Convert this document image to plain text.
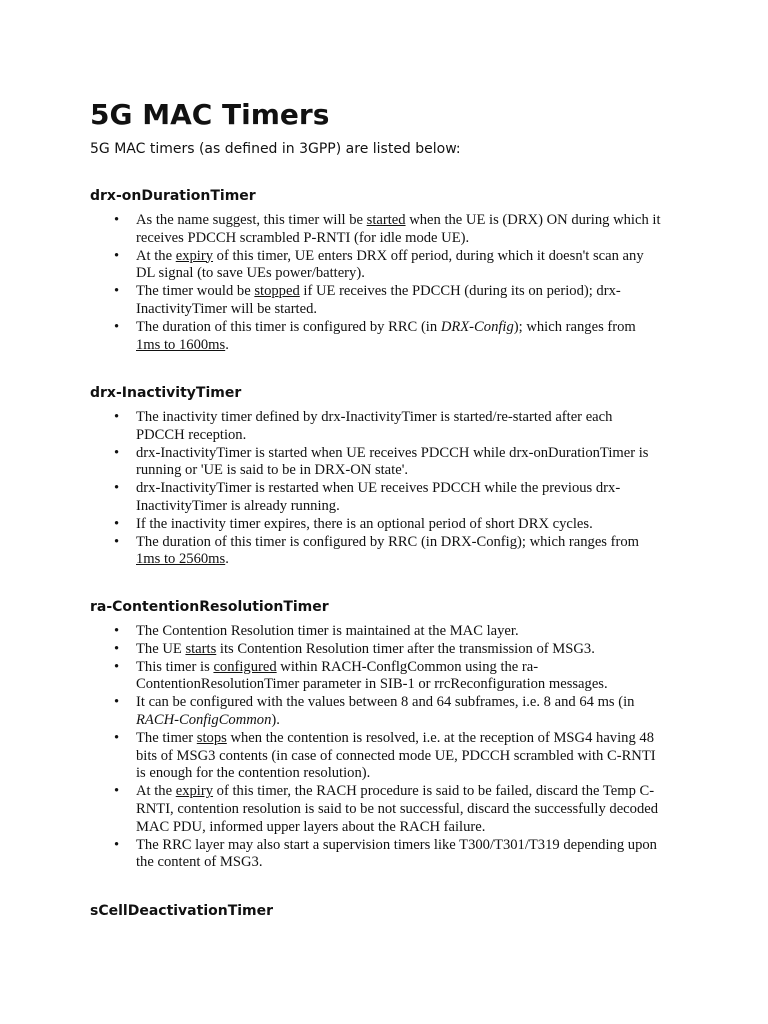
5G MAC Timers

5G MAC timers (as defined in 3GPP) are listed below:

drx-onDurationTimer
• As the name suggest, this timer will be started when the UE is (DRX) ON during which it
receives PDCCH scrambled P-RNTI (for idle mode UE).
• At the expiry of this timer, UE enters DRX off period, during which it doesn't scan any
DL signal (to save UEs power/battery).
• The timer would be stopped if UE receives the PDCCH (during its on period); drx-
InactivityTimer will be started.
• The duration of this timer is configured by RRC (in DRX-Config); which ranges from
1ms to 1600ms.
drx-InactivityTimer
• The inactivity timer defined by drx-InactivityTimer is started/re-started after each
PDCCH reception.
• drx-InactivityTimer is started when UE receives PDCCH while drx-onDurationTimer is
running or 'UE is said to be in DRX-ON state'.
• drx-InactivityTimer is restarted when UE receives PDCCH while the previous drx-
InactivityTimer is already running.
• If the inactivity timer expires, there is an optional period of short DRX cycles.
• The duration of this timer is configured by RRC (in DRX-Config); which ranges from
1ms to 2560ms.
ra-ContentionResolutionTimer
• The Contention Resolution timer is maintained at the MAC layer.
• The UE starts its Contention Resolution timer after the transmission of MSG3.
• This timer is configured within RACH-ConflgCommon using the ra-
ContentionResolutionTimer parameter in SIB-1 or rrcReconfiguration messages.
• It can be configured with the values between 8 and 64 subframes, i.e. 8 and 64 ms (in
RACH-ConfigCommon).
• The timer stops when the contention is resolved, i.e. at the reception of MSG4 having 48
bits of MSG3 contents (in case of connected mode UE, PDCCH scrambled with C-RNTI
is enough for the contention resolution).
• At the expiry of this timer, the RACH procedure is said to be failed, discard the Temp C-
RNTI, contention resolution is said to be not successful, discard the successfully decoded
MAC PDU, informed upper layers about the RACH failure.
• The RRC layer may also start a supervision timers like T300/T301/T319 depending upon
the content of MSG3.
sCellDeactivationTimer
